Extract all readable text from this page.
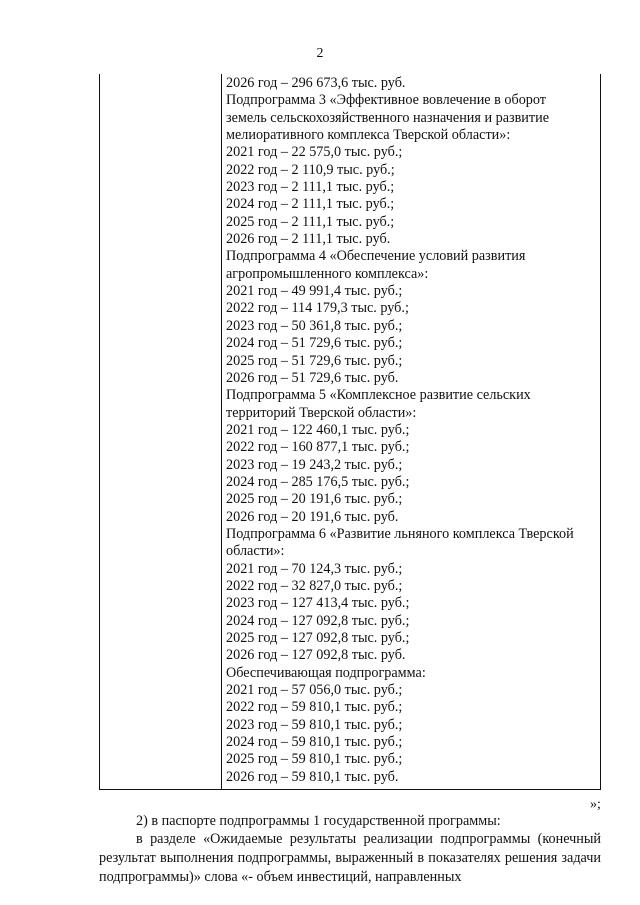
2
2026 год – 296 673,6 тыс. руб.
Подпрограмма 3 «Эффективное вовлечение в оборот
земель сельскохозяйственного назначения и развитие
мелиоративного комплекса Тверской области»:
2021 год – 22 575,0 тыс. руб.;
2022 год – 2 110,9 тыс. руб.;
2023 год – 2 111,1 тыс. руб.;
2024 год – 2 111,1 тыс. руб.;
2025 год – 2 111,1 тыс. руб.;
2026 год – 2 111,1 тыс. руб.
Подпрограмма 4 «Обеспечение условий развития
агропромышленного комплекса»:
2021 год – 49 991,4 тыс. руб.;
2022 год – 114 179,3 тыс. руб.;
2023 год – 50 361,8 тыс. руб.;
2024 год – 51 729,6 тыс. руб.;
2025 год – 51 729,6 тыс. руб.;
2026 год – 51 729,6 тыс. руб.
Подпрограмма 5 «Комплексное развитие сельских
территорий Тверской области»:
2021 год – 122 460,1 тыс. руб.;
2022 год – 160 877,1 тыс. руб.;
2023 год – 19 243,2 тыс. руб.;
2024 год – 285 176,5 тыс. руб.;
2025 год – 20 191,6 тыс. руб.;
2026 год – 20 191,6 тыс. руб.
Подпрограмма 6 «Развитие льняного комплекса Тверской
области»:
2021 год – 70 124,3 тыс. руб.;
2022 год – 32 827,0 тыс. руб.;
2023 год – 127 413,4 тыс. руб.;
2024 год – 127 092,8 тыс. руб.;
2025 год – 127 092,8 тыс. руб.;
2026 год – 127 092,8 тыс. руб.
Обеспечивающая подпрограмма:
2021 год – 57 056,0 тыс. руб.;
2022 год – 59 810,1 тыс. руб.;
2023 год – 59 810,1 тыс. руб.;
2024 год – 59 810,1 тыс. руб.;
2025 год – 59 810,1 тыс. руб.;
2026 год – 59 810,1 тыс. руб.
»;
2) в паспорте подпрограммы 1 государственной программы:
в разделе «Ожидаемые результаты реализации подпрограммы (конечный результат выполнения подпрограммы, выраженный в показателях решения задачи подпрограммы)» слова «- объем инвестиций, направленных
